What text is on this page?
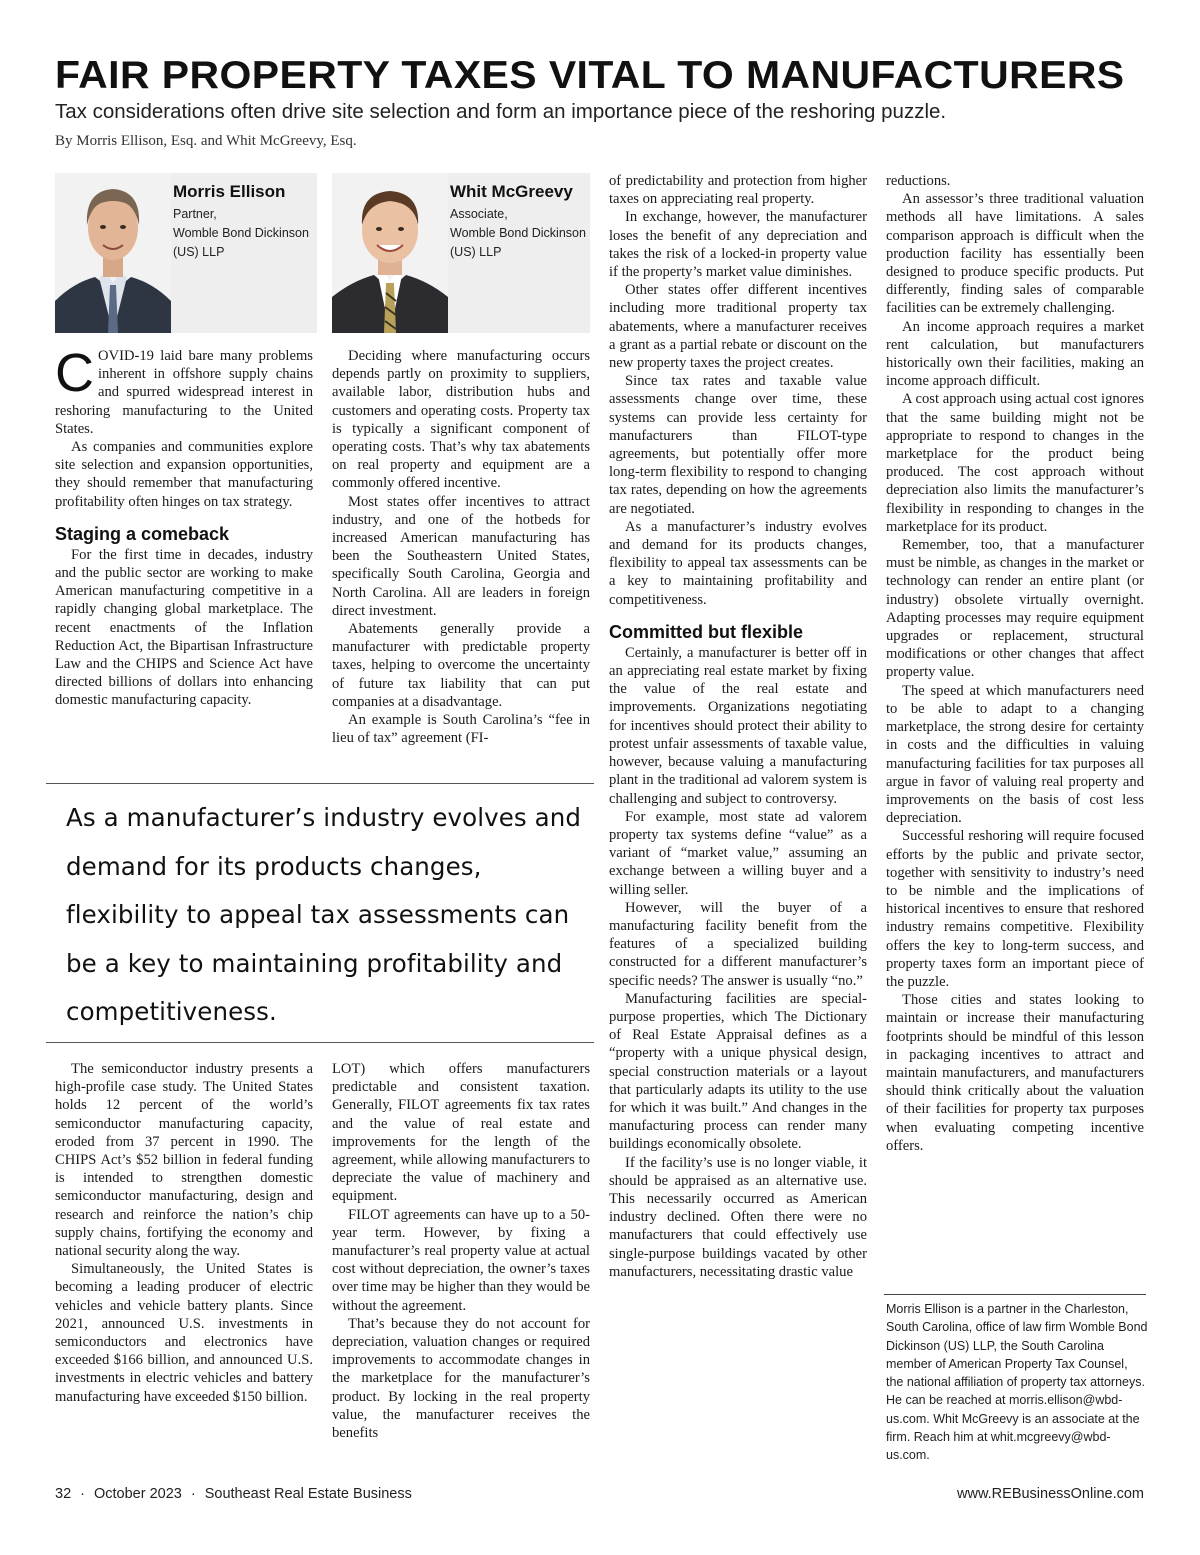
FAIR PROPERTY TAXES VITAL TO MANUFACTURERS
Tax considerations often drive site selection and form an importance piece of the reshoring puzzle.
By Morris Ellison, Esq. and Whit McGreevy, Esq.
Morris Ellison
Partner,
Womble Bond Dickinson
(US) LLP
Whit McGreevy
Associate,
Womble Bond Dickinson
(US) LLP

COVID-19 laid bare many problems inherent in offshore supply chains and spurred widespread interest in reshoring manufacturing to the United States.

As companies and communities explore site selection and expansion opportunities, they should remember that manufacturing profitability often hinges on tax strategy.

Staging a comeback

For the first time in decades, industry and the public sector are working to make American manufacturing competitive in a rapidly changing global marketplace. The recent enactments of the Inflation Reduction Act, the Bipartisan Infrastructure Law and the CHIPS and Science Act have directed billions of dollars into enhancing domestic manufacturing capacity.

Deciding where manufacturing occurs depends partly on proximity to suppliers, available labor, distribution hubs and customers and operating costs. Property tax is typically a significant component of operating costs. That’s why tax abatements on real property and equipment are a commonly offered incentive.

Most states offer incentives to attract industry, and one of the hotbeds for increased American manufacturing has been the Southeastern United States, specifically South Carolina, Georgia and North Carolina. All are leaders in foreign direct investment.

Abatements generally provide a manufacturer with predictable property taxes, helping to overcome the uncertainty of future tax liability that can put companies at a disadvantage.

An example is South Carolina’s “fee in lieu of tax” agreement (FI-

As a manufacturer’s industry evolves and demand for its products changes, flexibility to appeal tax assessments can be a key to maintaining profitability and competitiveness.

The semiconductor industry presents a high-profile case study. The United States holds 12 percent of the world’s semiconductor manufacturing capacity, eroded from 37 percent in 1990. The CHIPS Act’s $52 billion in federal funding is intended to strengthen domestic semiconductor manufacturing, design and research and reinforce the nation’s chip supply chains, fortifying the economy and national security along the way.

Simultaneously, the United States is becoming a leading producer of electric vehicles and vehicle battery plants. Since 2021, announced U.S. investments in semiconductors and electronics have exceeded $166 billion, and announced U.S. investments in electric vehicles and battery manufacturing have exceeded $150 billion.

LOT) which offers manufacturers predictable and consistent taxation. Generally, FILOT agreements fix tax rates and the value of real estate and improvements for the length of the agreement, while allowing manufacturers to depreciate the value of machinery and equipment.

FILOT agreements can have up to a 50-year term. However, by fixing a manufacturer’s real property value at actual cost without depreciation, the owner’s taxes over time may be higher than they would be without the agreement.

That’s because they do not account for depreciation, valuation changes or required improvements to accommodate changes in the marketplace for the manufacturer’s product. By locking in the real property value, the manufacturer receives the benefits

of predictability and protection from higher taxes on appreciating real property.

In exchange, however, the manufacturer loses the benefit of any depreciation and takes the risk of a locked-in property value if the property’s market value diminishes.

Other states offer different incentives including more traditional property tax abatements, where a manufacturer receives a grant as a partial rebate or discount on the new property taxes the project creates.

Since tax rates and taxable value assessments change over time, these systems can provide less certainty for manufacturers than FILOT-type agreements, but potentially offer more long-term flexibility to respond to changing tax rates, depending on how the agreements are negotiated.

As a manufacturer’s industry evolves and demand for its products changes, flexibility to appeal tax assessments can be a key to maintaining profitability and competitiveness.

Committed but flexible

Certainly, a manufacturer is better off in an appreciating real estate market by fixing the value of the real estate and improvements. Organizations negotiating for incentives should protect their ability to protest unfair assessments of taxable value, however, because valuing a manufacturing plant in the traditional ad valorem system is challenging and subject to controversy.

For example, most state ad valorem property tax systems define “value” as a variant of “market value,” assuming an exchange between a willing buyer and a willing seller.

However, will the buyer of a manufacturing facility benefit from the features of a specialized building constructed for a different manufacturer’s specific needs? The answer is usually “no.”

Manufacturing facilities are special-purpose properties, which The Dictionary of Real Estate Appraisal defines as a “property with a unique physical design, special construction materials or a layout that particularly adapts its utility to the use for which it was built.” And changes in the manufacturing process can render many buildings economically obsolete.

If the facility’s use is no longer viable, it should be appraised as an alternative use. This necessarily occurred as American industry declined. Often there were no manufacturers that could effectively use single-purpose buildings vacated by other manufacturers, necessitating drastic value

reductions.

An assessor’s three traditional valuation methods all have limitations. A sales comparison approach is difficult when the production facility has essentially been designed to produce specific products. Put differently, finding sales of comparable facilities can be extremely challenging.

An income approach requires a market rent calculation, but manufacturers historically own their facilities, making an income approach difficult.

A cost approach using actual cost ignores that the same building might not be appropriate to respond to changes in the marketplace for the product being produced. The cost approach without depreciation also limits the manufacturer’s flexibility in responding to changes in the marketplace for its product.

Remember, too, that a manufacturer must be nimble, as changes in the market or technology can render an entire plant (or industry) obsolete virtually overnight. Adapting processes may require equipment upgrades or replacement, structural modifications or other changes that affect property value.

The speed at which manufacturers need to be able to adapt to a changing marketplace, the strong desire for certainty in costs and the difficulties in valuing manufacturing facilities for tax purposes all argue in favor of valuing real property and improvements on the basis of cost less depreciation.

Successful reshoring will require focused efforts by the public and private sector, together with sensitivity to industry’s need to be nimble and the implications of historical incentives to ensure that reshored industry remains competitive. Flexibility offers the key to long-term success, and property taxes form an important piece of the puzzle.

Those cities and states looking to maintain or increase their manufacturing footprints should be mindful of this lesson in packaging incentives to attract and maintain manufacturers, and manufacturers should think critically about the valuation of their facilities for property tax purposes when evaluating competing incentive offers.

Morris Ellison is a partner in the Charleston, South Carolina, office of law firm Womble Bond Dickinson (US) LLP, the South Carolina member of American Property Tax Counsel, the national affiliation of property tax attorneys. He can be reached at morris.ellison@wbd-us.com. Whit McGreevy is an associate at the firm. Reach him at whit.mcgreevy@wbd-us.com.
32 · October 2023 · Southeast Real Estate Business	www.REBusinessOnline.com
